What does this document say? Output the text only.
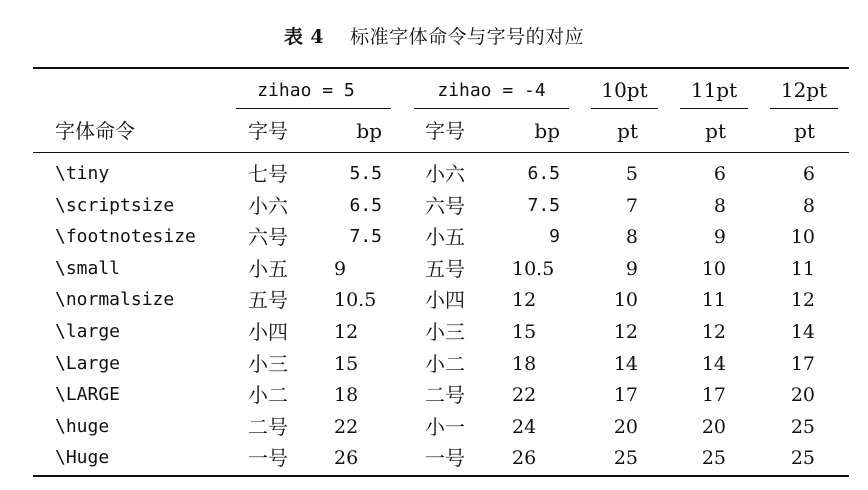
表 4 标准字体命令与字号的对应
zihao = 5	zihao = -4	10pt	11pt	12pt
字体命令	字号	bp 字号	bp	pt	pt	pt
\tiny	七号	5.5 小六	6.5	5	6	6
\scriptsize	小六	6.5 六号	7.5	7	8	8
\footnotesize	六号	7.5 小五	9	8	9	10
\small	小五	9	五号	10.5	9	10	11
\normalsize	五号	10.5 小四	12	10	11	12
\large	小四	12	小三	15	12	12	14
\Large	小三	15	小二	18	14	14	17
\LARGE	小二	18	二号	22	17	17	20
\huge	二号	22	小一	24	20	20	25
\Huge	一号	26	一号	26	25	25	25
